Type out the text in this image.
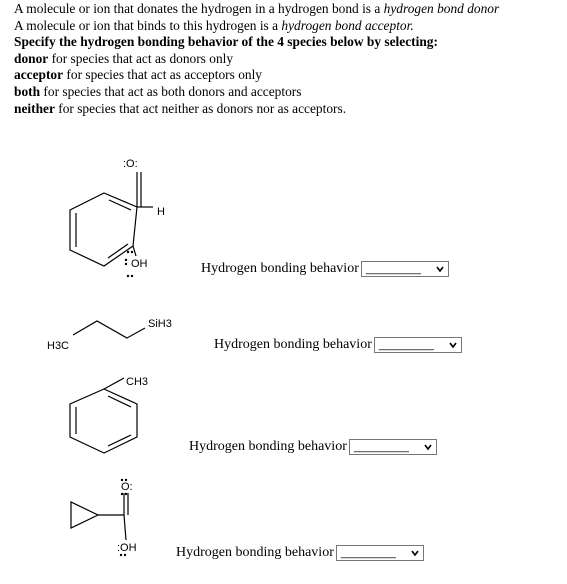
A molecule or ion that donates the hydrogen in a hydrogen bond is a hydrogen bond donor

A molecule or ion that binds to this hydrogen is a hydrogen bond acceptor.

Specify the hydrogen bonding behavior of the 4 species below by selecting:

donor for species that act as donors only

acceptor for species that act as acceptors only

both for species that act as both donors and acceptors

neither for species that act neither as donors nor as acceptors.

:O:
H
OH
H3C
SiH3
CH3
O:
:OH
Hydrogen bonding behavior _________
Hydrogen bonding behavior _________
Hydrogen bonding behavior _________
Hydrogen bonding behavior _________
